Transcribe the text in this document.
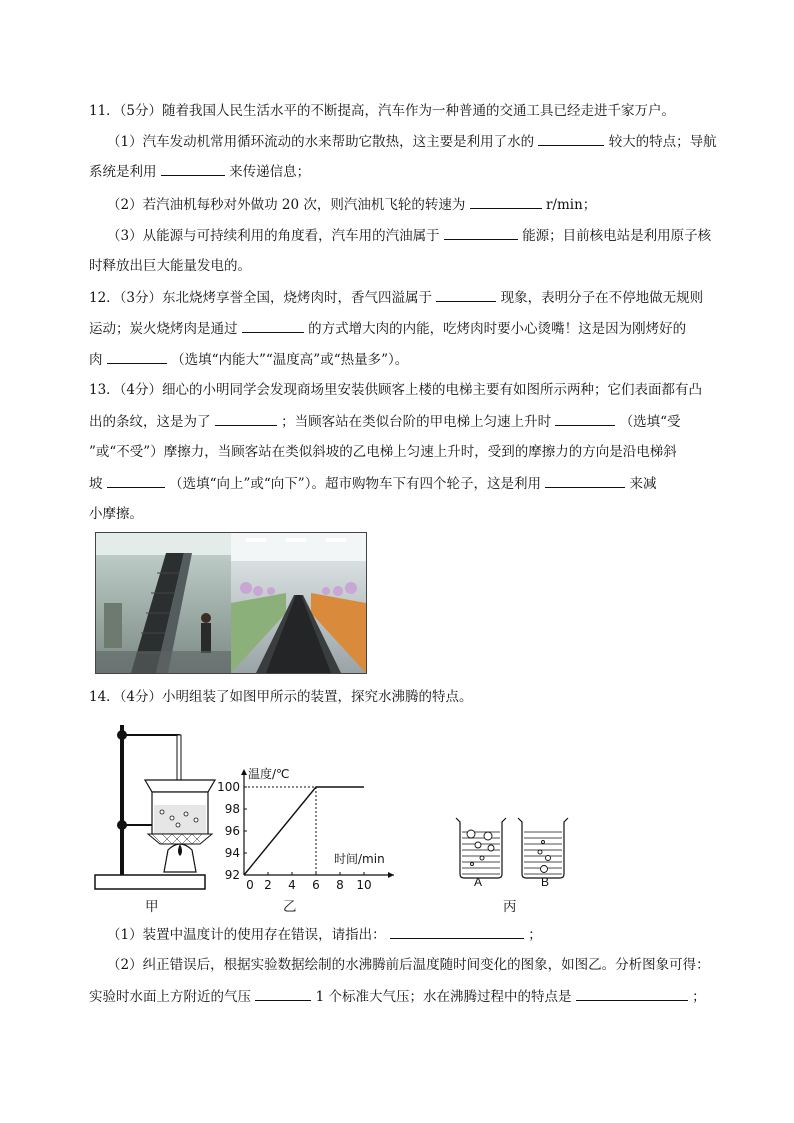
11．（5分）随着我国人民生活水平的不断提高，汽车作为一种普通的交通工具已经走进千家万户。
（1）汽车发动机常用循环流动的水来帮助它散热，这主要是利用了水的	较大的特点；导航
系统是利用	来传递信息；
（2）若汽油机每秒对外做功 20 次，则汽油机飞轮的转速为	r/min；
（3）从能源与可持续利用的角度看，汽车用的汽油属于	能源；目前核电站是利用原子核
时释放出巨大能量发电的。
12．（3分）东北烧烤享誉全国，烧烤肉时，香气四溢属于	现象，表明分子在不停地做无规则
运动；炭火烧烤肉是通过	的方式增大肉的内能，吃烤肉时要小心烫嘴！这是因为刚烤好的
肉	（选填“内能大”“温度高”或“热量多”）。
13．（4分）细心的小明同学会发现商场里安装供顾客上楼的电梯主要有如图所示两种；它们表面都有凸
出的条纹，这是为了	；当顾客站在类似台阶的甲电梯上匀速上升时	（选填“受
”或“不受”）摩擦力，当顾客站在类似斜坡的乙电梯上匀速上升时，受到的摩擦力的方向是沿电梯斜
坡	（选填“向上”或“向下”）。超市购物车下有四个轮子，这是利用	来减
小摩擦。
14．（4分）小明组装了如图甲所示的装置，探究水沸腾的特点。
甲
温度/℃
时间/min
0 2 4 6 8 10
92
94
96
98
100
乙
A	B
丙
（1）装置中温度计的使用存在错误，请指出：	；
（2）纠正错误后，根据实验数据绘制的水沸腾前后温度随时间变化的图象，如图乙。分析图象可得：
实验时水面上方附近的气压	1 个标准大气压；水在沸腾过程中的特点是	；
